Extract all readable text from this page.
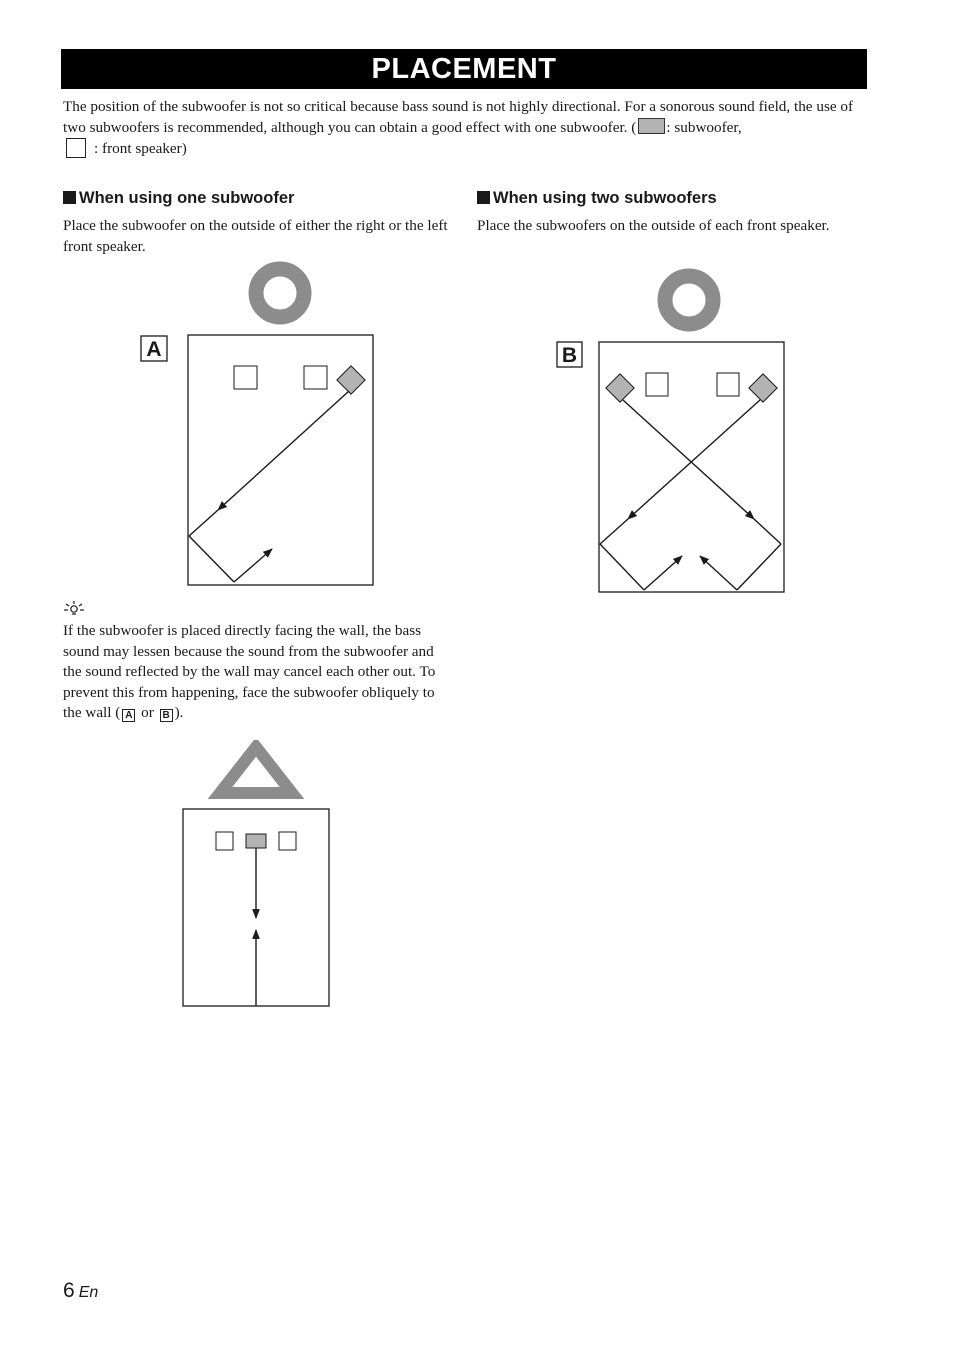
PLACEMENT
The position of the subwoofer is not so critical because bass sound is not highly directional. For a sonorous sound field, the use of two subwoofers is recommended, although you can obtain a good effect with one subwoofer. ( : subwoofer,
: front speaker)
When using one subwoofer
Place the subwoofer on the outside of either the right or the left front speaker.
When using two subwoofers
Place the subwoofers on the outside of each front speaker.
A	B
If the subwoofer is placed directly facing the wall, the bass sound may lessen because the sound from the subwoofer and the sound reflected by the wall may cancel each other out. To prevent this from happening, face the subwoofer obliquely to the wall ( A or B ).
6 En
